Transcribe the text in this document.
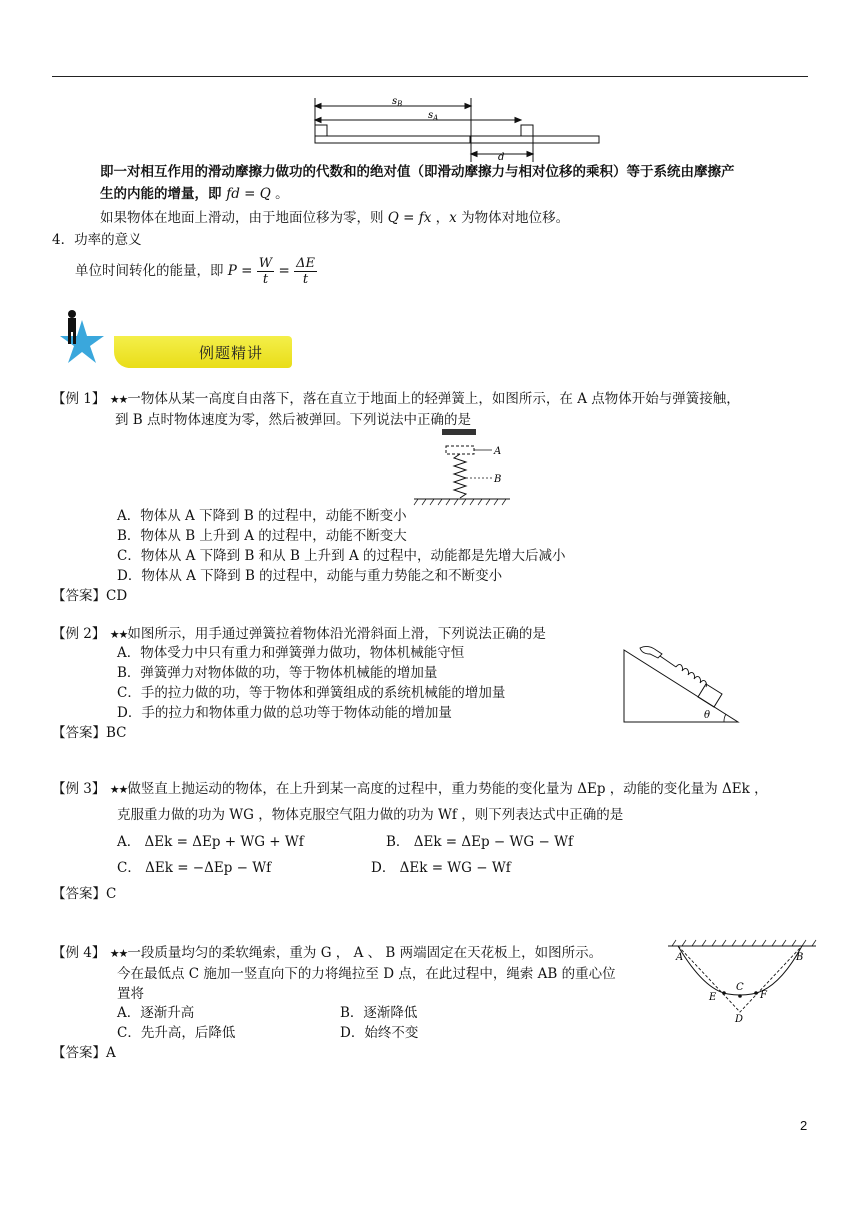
$s_B$
$s_A$
d
即一对相互作用的滑动摩擦力做功的代数和的绝对值（即滑动摩擦力与相对位移的乘积）等于系统由摩擦产
生的内能的增量，即 fd = Q 。
如果物体在地面上滑动，由于地面位移为零，则 Q = fx ，x 为物体对地位移。
4．功率的意义
单位时间转化的能量，即 $P = \frac{W}{t} = \frac{\Delta E}{t}$
例题精讲
【例 1】 ★★一物体从某一高度自由落下，落在直立于地面上的轻弹簧上，如图所示，在 A 点物体开始与弹簧接触，
到 B 点时物体速度为零，然后被弹回。下列说法中正确的是
A
B
A．物体从 A 下降到 B 的过程中，动能不断变小
B．物体从 B 上升到 A 的过程中，动能不断变大
C．物体从 A 下降到 B 和从 B 上升到 A 的过程中，动能都是先增大后减小
D．物体从 A 下降到 B 的过程中，动能与重力势能之和不断变小
【答案】CD
【例 2】 ★★如图所示，用手通过弹簧拉着物体沿光滑斜面上滑，下列说法正确的是
A．物体受力中只有重力和弹簧弹力做功，物体机械能守恒
B．弹簧弹力对物体做的功，等于物体机械能的增加量
C．手的拉力做的功，等于物体和弹簧组成的系统机械能的增加量
D．手的拉力和物体重力做的总功等于物体动能的增加量
【答案】BC
θ
【例 3】 ★★做竖直上抛运动的物体，在上升到某一高度的过程中，重力势能的变化量为 ΔEp ，动能的变化量为 ΔEk ，
克服重力做的功为 WG ，物体克服空气阻力做的功为 Wf ，则下列表达式中正确的是
A． ΔEk = ΔEp + WG + Wf	B． ΔEk = ΔEp − WG − Wf
C． ΔEk = −ΔEp − Wf	D． ΔEk = WG − Wf
【答案】C
【例 4】 ★★一段质量均匀的柔软绳索，重为 G ， A 、 B 两端固定在天花板上，如图所示。
今在最低点 C 施加一竖直向下的力将绳拉至 D 点，在此过程中，绳索 AB 的重心位
置将
A．逐渐升高	B．逐渐降低
C．先升高，后降低	D．始终不变
【答案】A
A	B
C
D
E	F
2
